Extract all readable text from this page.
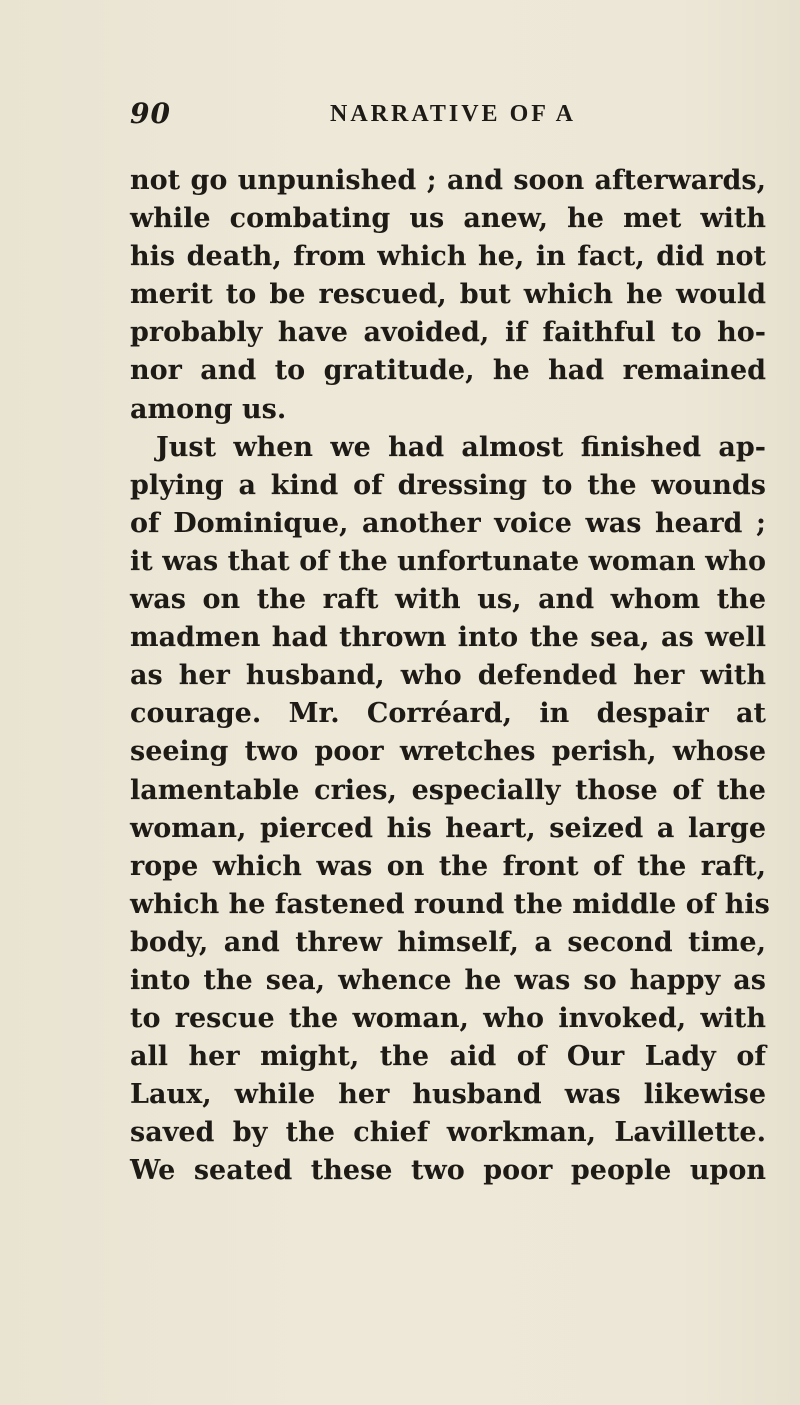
90	NARRATIVE OF A
not go unpunished ; and soon afterwards,
while combating us anew, he met with
his death, from which he, in fact, did not
merit to be rescued, but which he would
probably have avoided, if faithful to ho-
nor and to gratitude, he had remained
among us.
Just when we had almost finished ap-
plying a kind of dressing to the wounds
of Dominique, another voice was heard ;
it was that of the unfortunate woman who
was on the raft with us, and whom the
madmen had thrown into the sea, as well
as her husband, who defended her with
courage. Mr. Corréard, in despair at
seeing two poor wretches perish, whose
lamentable cries, especially those of the
woman, pierced his heart, seized a large
rope which was on the front of the raft,
which he fastened round the middle of his
body, and threw himself, a second time,
into the sea, whence he was so happy as
to rescue the woman, who invoked, with
all her might, the aid of Our Lady of
Laux, while her husband was likewise
saved by the chief workman, Lavillette.
We seated these two poor people upon
